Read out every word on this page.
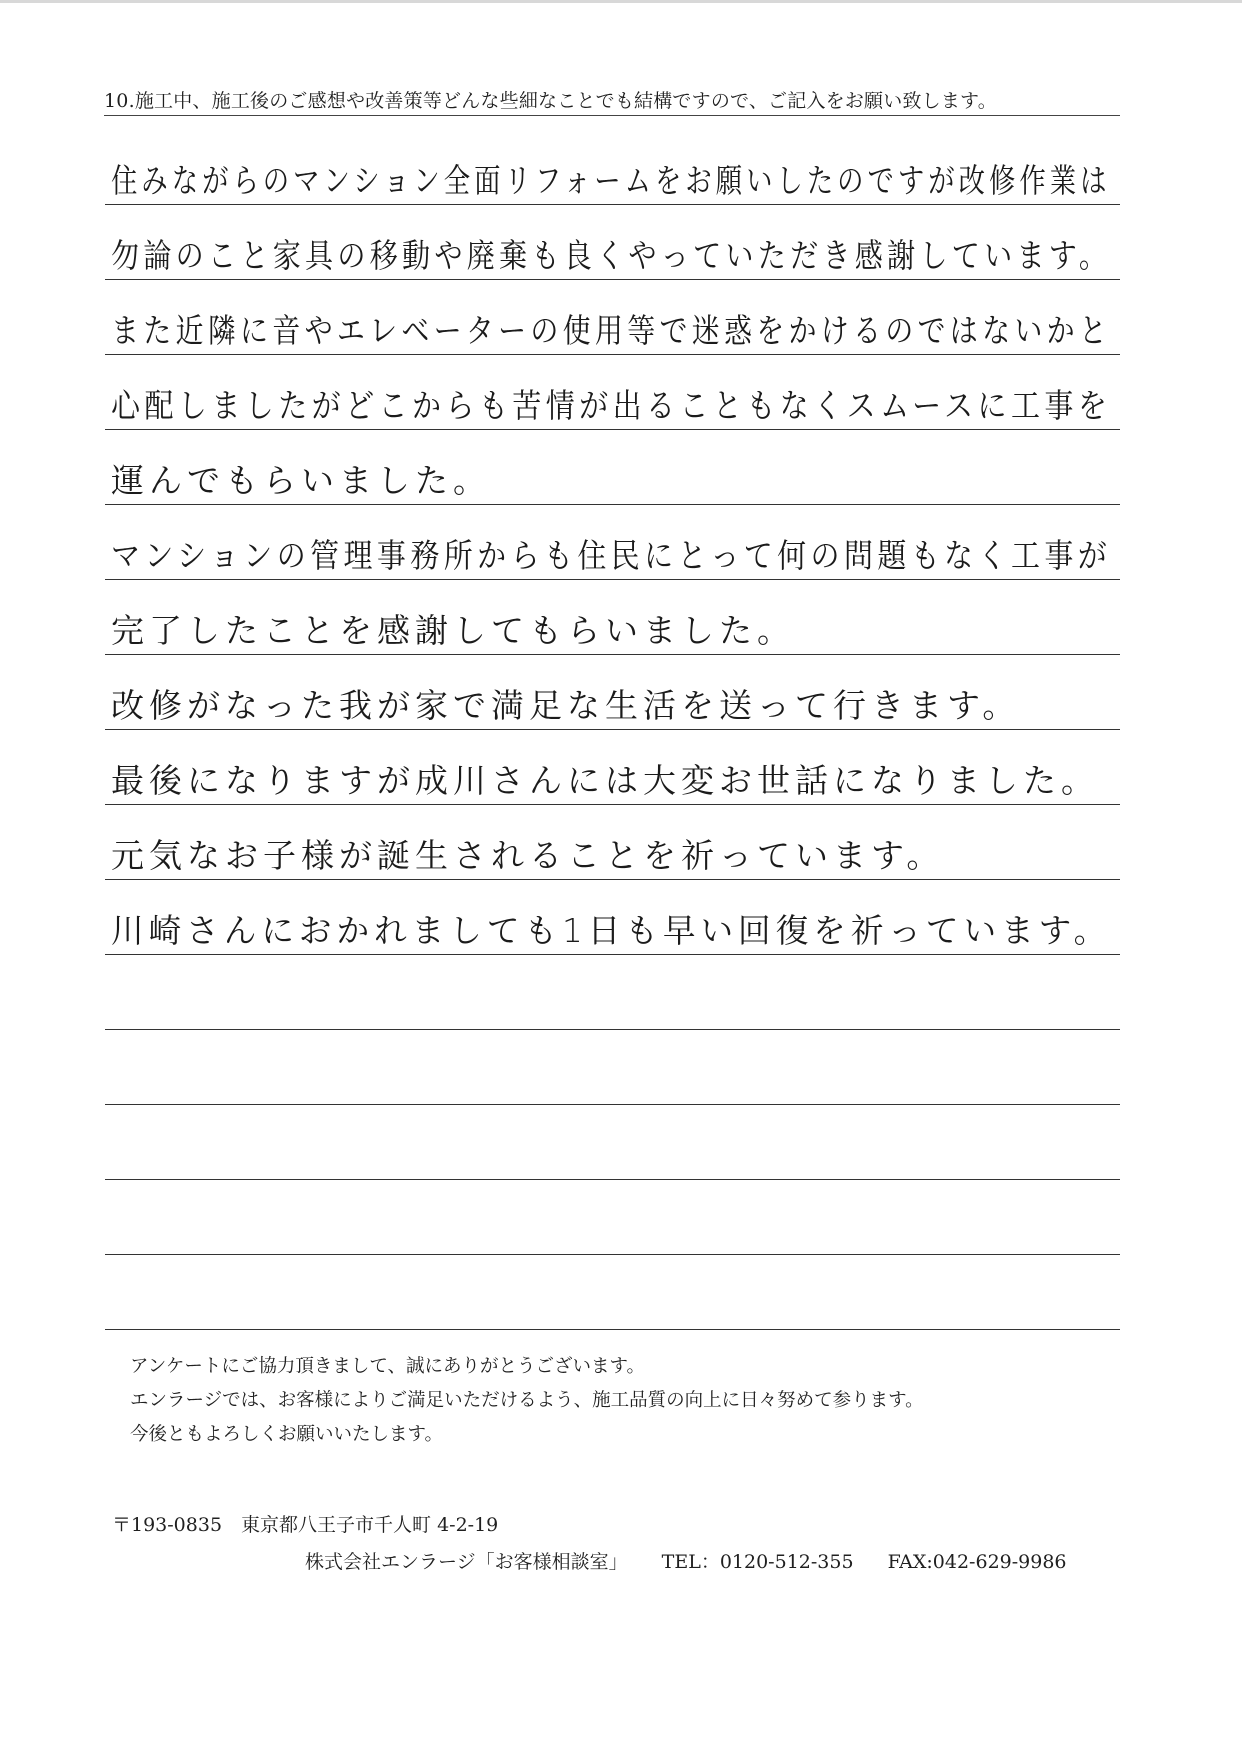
10.施工中、施工後のご感想や改善策等どんな些細なことでも結構ですので、ご記入をお願い致します。
住みながらのマンション全面リフォームをお願いしたのですが改修作業は
勿論のこと家具の移動や廃棄も良くやっていただき感謝しています。
また近隣に音やエレベーターの使用等で迷惑をかけるのではないかと
心配しましたがどこからも苦情が出ることもなくスムースに工事を
運んでもらいました。
マンションの管理事務所からも住民にとって何の問題もなく工事が
完了したことを感謝してもらいました。
改修がなった我が家で満足な生活を送って行きます。
最後になりますが成川さんには大変お世話になりました。
元気なお子様が誕生されることを祈っています。
川崎さんにおかれましても1日も早い回復を祈っています。
アンケートにご協力頂きまして、誠にありがとうございます。
エンラージでは、お客様によりご満足いただけるよう、施工品質の向上に日々努めて参ります。
今後ともよろしくお願いいたします。
〒193-0835　東京都八王子市千人町 4-2-19
株式会社エンラージ「お客様相談室」 TEL：0120-512-355 FAX:042-629-9986
